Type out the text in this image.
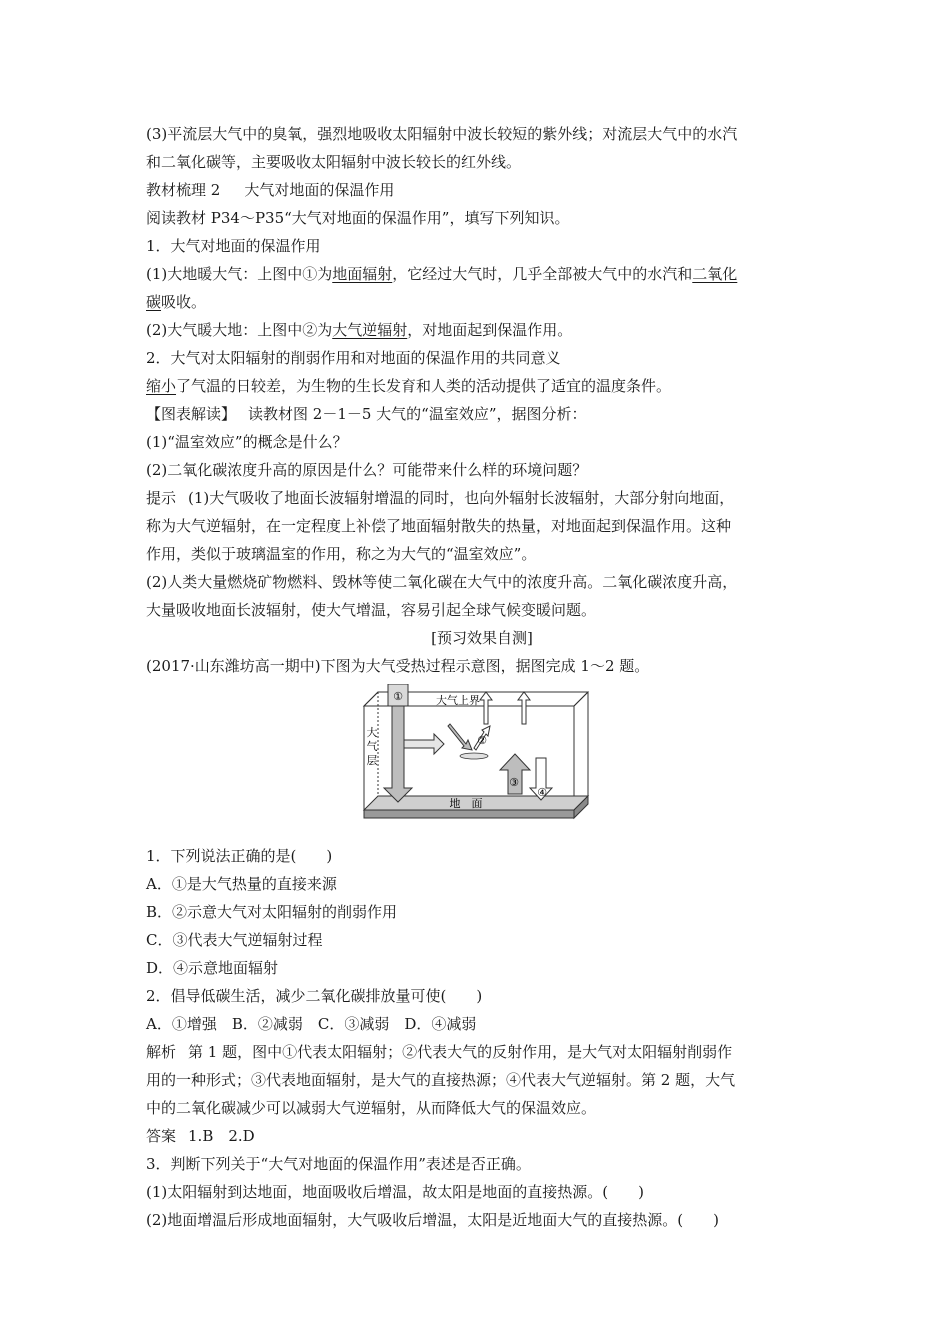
(3)平流层大气中的臭氧，强烈地吸收太阳辐射中波长较短的紫外线；对流层大气中的水汽
和二氧化碳等，主要吸收太阳辐射中波长较长的红外线。
教材梳理 2 大气对地面的保温作用
阅读教材 P34～P35“大气对地面的保温作用”，填写下列知识。
1．大气对地面的保温作用
(1)大地暖大气：上图中①为地面辐射，它经过大气时，几乎全部被大气中的水汽和二氧化
碳吸收。
(2)大气暖大地：上图中②为大气逆辐射，对地面起到保温作用。
2．大气对太阳辐射的削弱作用和对地面的保温作用的共同意义
缩小了气温的日较差，为生物的生长发育和人类的活动提供了适宜的温度条件。
【图表解读】 读教材图 2－1－5 大气的“温室效应”，据图分析：
(1)“温室效应”的概念是什么？
(2)二氧化碳浓度升高的原因是什么？可能带来什么样的环境问题？
提示 (1)大气吸收了地面长波辐射增温的同时，也向外辐射长波辐射，大部分射向地面，
称为大气逆辐射，在一定程度上补偿了地面辐射散失的热量，对地面起到保温作用。这种
作用，类似于玻璃温室的作用，称之为大气的“温室效应”。
(2)人类大量燃烧矿物燃料、毁林等使二氧化碳在大气中的浓度升高。二氧化碳浓度升高，
大量吸收地面长波辐射，使大气增温，容易引起全球气候变暖问题。
[预习效果自测]
(2017·山东潍坊高一期中)下图为大气受热过程示意图，据图完成 1～2 题。
①
②
③
④
大气上界
大
气
层
地　面
1．下列说法正确的是(　　)
A．①是大气热量的直接来源
B．②示意大气对太阳辐射的削弱作用
C．③代表大气逆辐射过程
D．④示意地面辐射
2．倡导低碳生活，减少二氧化碳排放量可使(　　)
A．①增强　B．②减弱　C．③减弱　D．④减弱
解析 第 1 题，图中①代表太阳辐射；②代表大气的反射作用，是大气对太阳辐射削弱作
用的一种形式；③代表地面辐射，是大气的直接热源；④代表大气逆辐射。第 2 题，大气
中的二氧化碳减少可以减弱大气逆辐射，从而降低大气的保温效应。
答案 1.B　2.D
3．判断下列关于“大气对地面的保温作用”表述是否正确。
(1)太阳辐射到达地面，地面吸收后增温，故太阳是地面的直接热源。(　　)
(2)地面增温后形成地面辐射，大气吸收后增温，太阳是近地面大气的直接热源。(　　)
